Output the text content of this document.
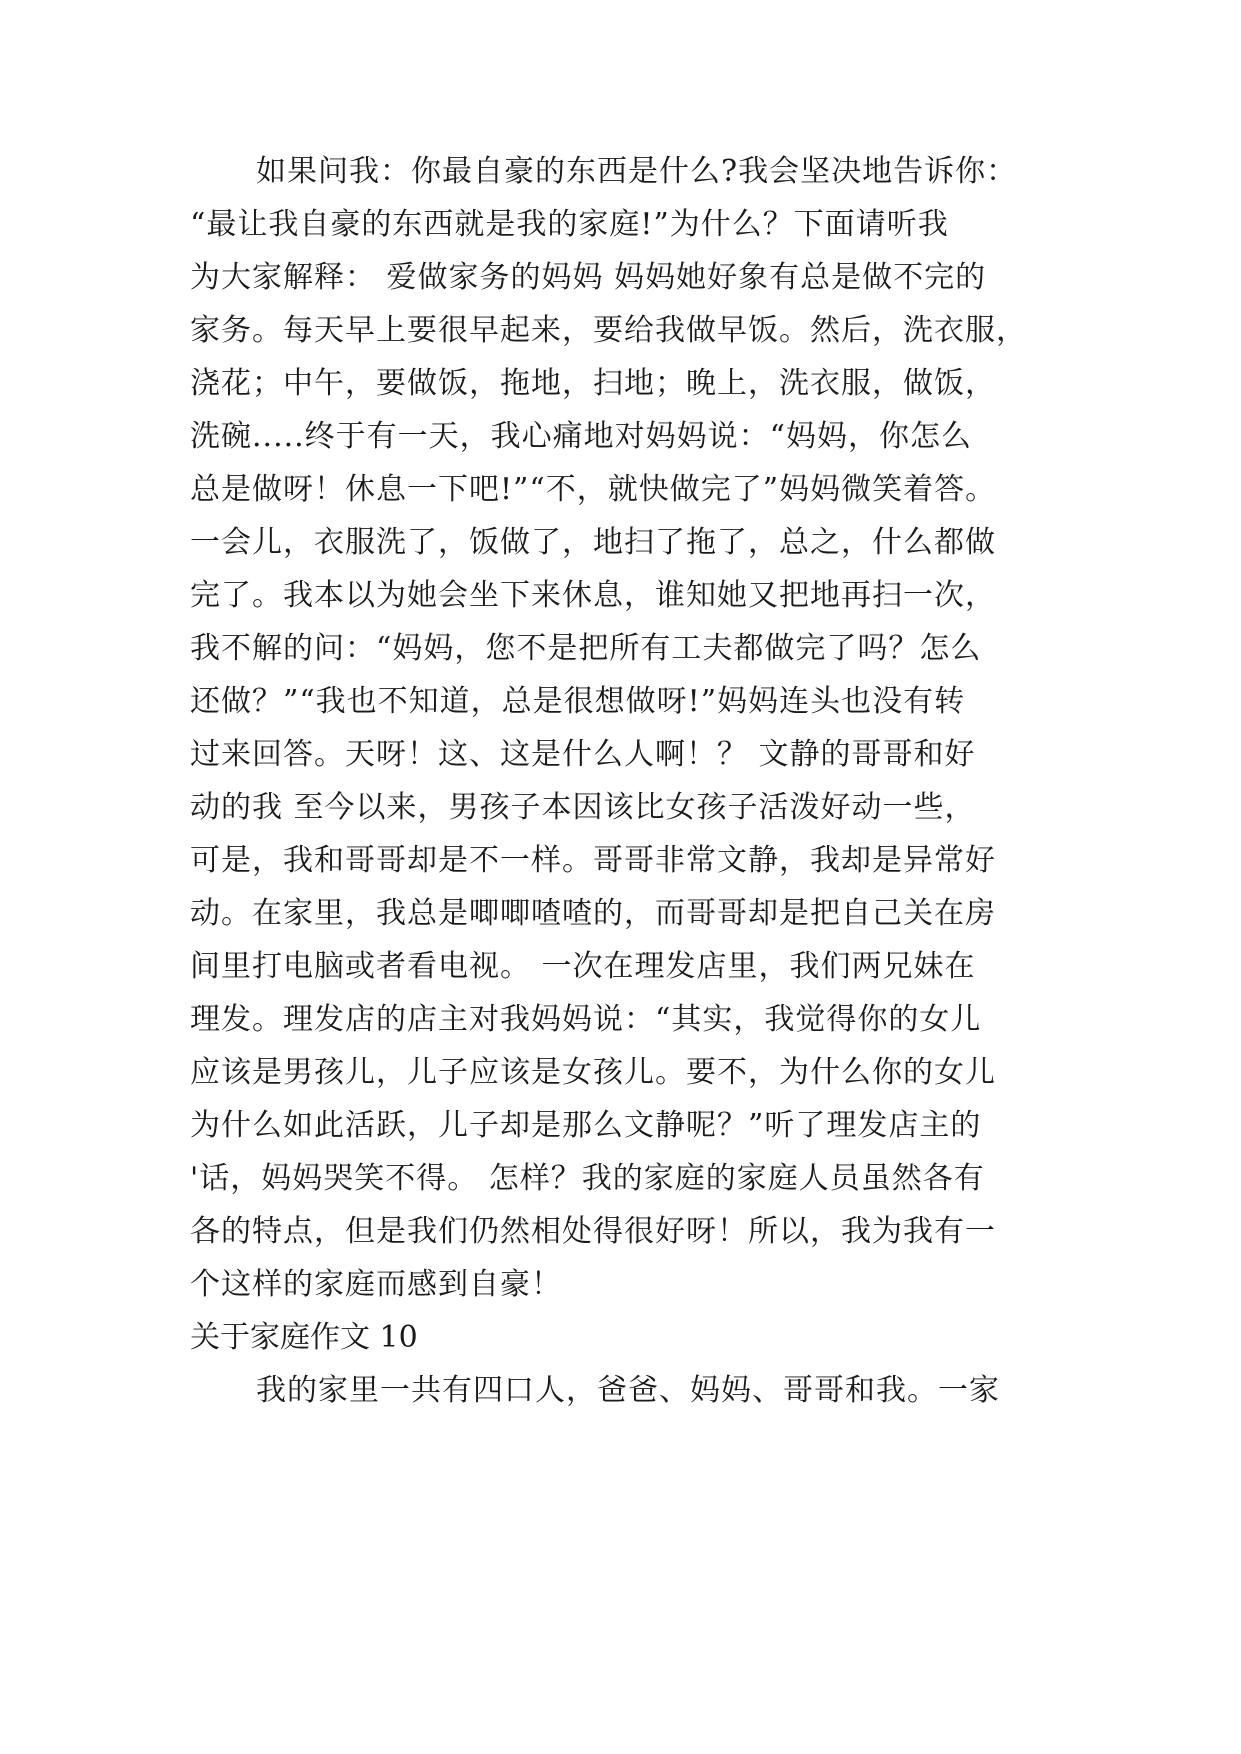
如果问我：你最自豪的东西是什么?我会坚决地告诉你：
“最让我自豪的东西就是我的家庭!”为什么？下面请听我
为大家解释： 爱做家务的妈妈 妈妈她好象有总是做不完的
家务。每天早上要很早起来，要给我做早饭。然后，洗衣服，
浇花；中午，要做饭，拖地，扫地；晚上，洗衣服，做饭，
洗碗.....终于有一天，我心痛地对妈妈说：“妈妈，你怎么
总是做呀！休息一下吧!”“不，就快做完了”妈妈微笑着答。
一会儿，衣服洗了，饭做了，地扫了拖了，总之，什么都做
完了。我本以为她会坐下来休息，谁知她又把地再扫一次，
我不解的问：“妈妈，您不是把所有工夫都做完了吗？怎么
还做？”“我也不知道，总是很想做呀!”妈妈连头也没有转
过来回答。天呀！这、这是什么人啊！？ 文静的哥哥和好
动的我 至今以来，男孩子本因该比女孩子活泼好动一些，
可是，我和哥哥却是不一样。哥哥非常文静，我却是异常好
动。在家里，我总是唧唧喳喳的，而哥哥却是把自己关在房
间里打电脑或者看电视。 一次在理发店里，我们两兄妹在
理发。理发店的店主对我妈妈说：“其实，我觉得你的女儿
应该是男孩儿，儿子应该是女孩儿。要不，为什么你的女儿
为什么如此活跃，儿子却是那么文静呢？”听了理发店主的
'话，妈妈哭笑不得。 怎样？我的家庭的家庭人员虽然各有
各的特点，但是我们仍然相处得很好呀！所以，我为我有一
个这样的家庭而感到自豪！
关于家庭作文 10
我的家里一共有四口人，爸爸、妈妈、哥哥和我。一家
